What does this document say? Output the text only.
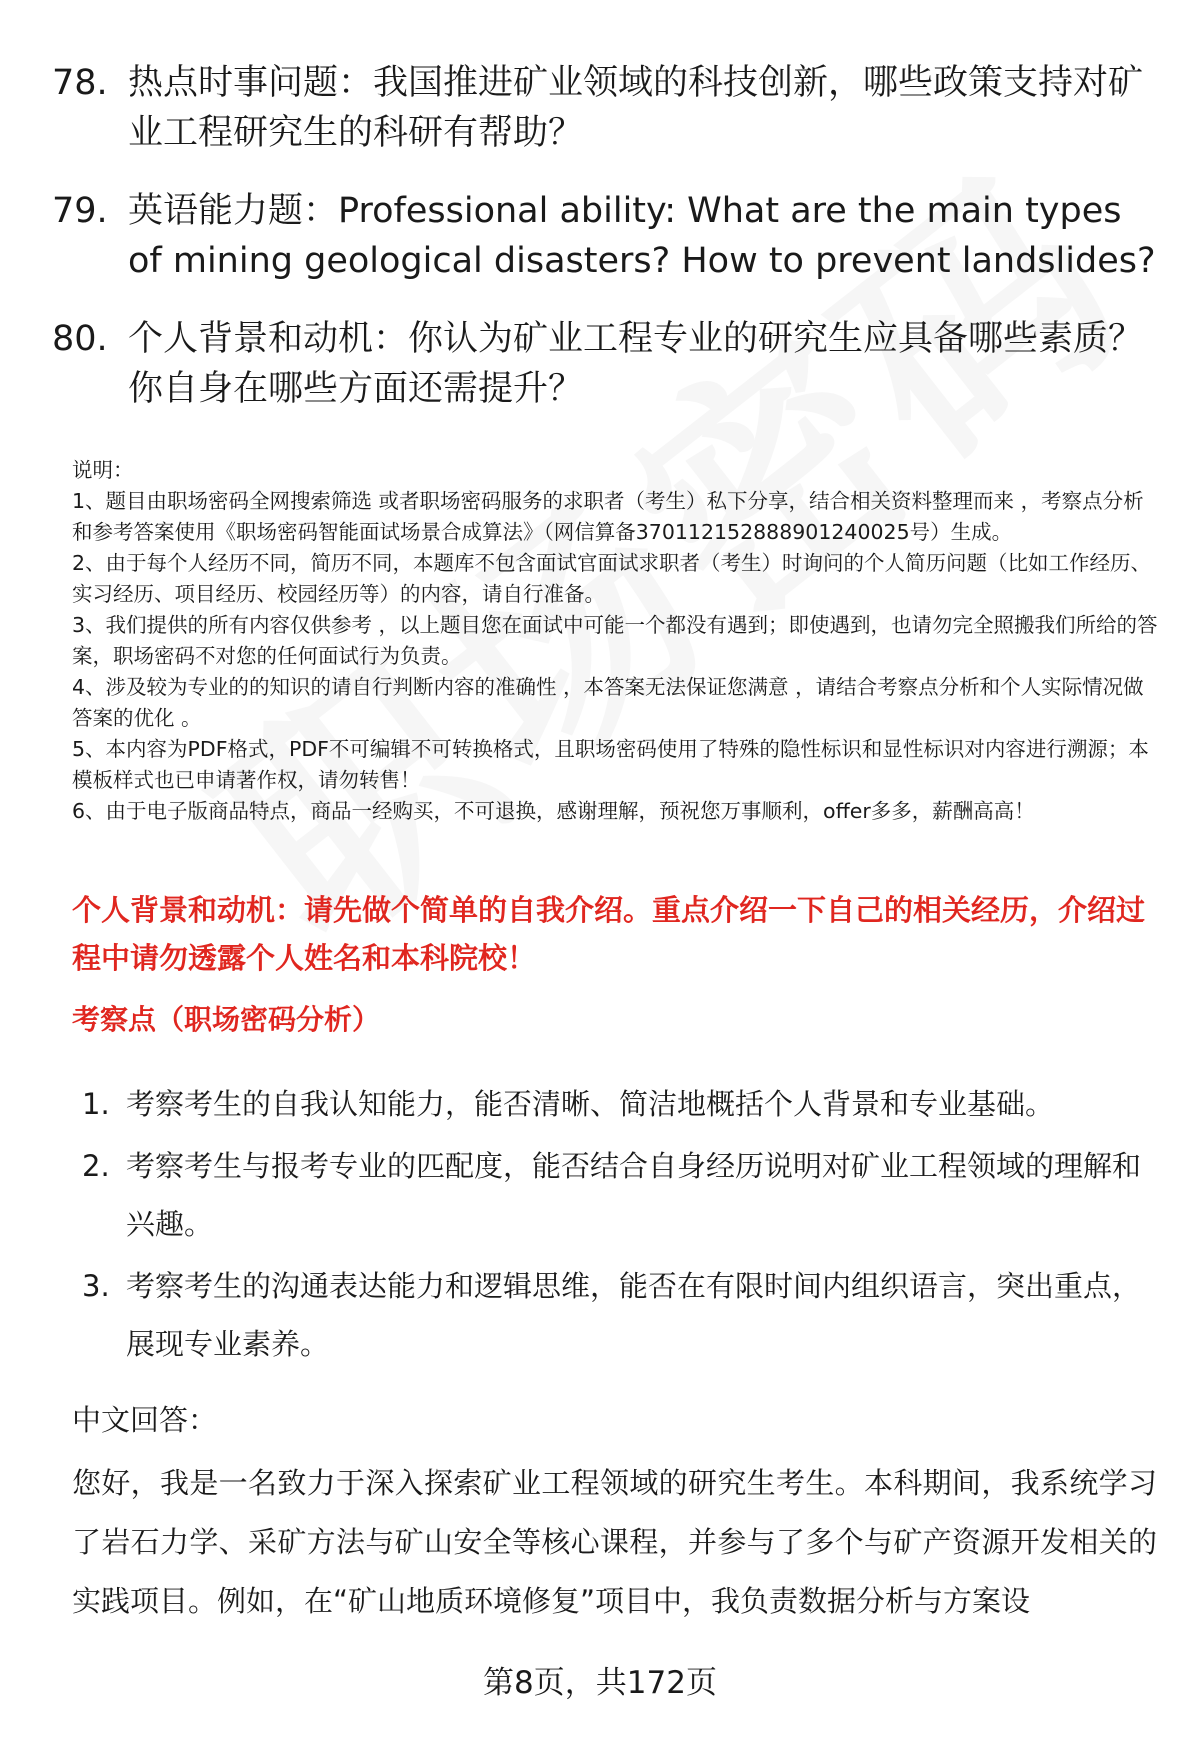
78. 热点时事问题：我国推进矿业领域的科技创新，哪些政策支持对矿业工程研究生的科研有帮助？
79. 英语能力题：Professional ability: What are the main types of mining geological disasters? How to prevent landslides?
80. 个人背景和动机：你认为矿业工程专业的研究生应具备哪些素质？你自身在哪些方面还需提升？
说明：
1、题目由职场密码全网搜索筛选 或者职场密码服务的求职者（考生）私下分享，结合相关资料整理而来 ，考察点分析和参考答案使用《职场密码智能面试场景合成算法》（网信算备370112152888901240025号）生成。
2、由于每个人经历不同，简历不同，本题库不包含面试官面试求职者（考生）时询问的个人简历问题（比如工作经历、实习经历、项目经历、校园经历等）的内容，请自行准备。
3、我们提供的所有内容仅供参考 ，以上题目您在面试中可能一个都没有遇到；即使遇到，也请勿完全照搬我们所给的答案，职场密码不对您的任何面试行为负责。
4、涉及较为专业的的知识的请自行判断内容的准确性 ，本答案无法保证您满意 ，请结合考察点分析和个人实际情况做答案的优化 。
5、本内容为PDF格式，PDF不可编辑不可转换格式，且职场密码使用了特殊的隐性标识和显性标识对内容进行溯源；本模板样式也已申请著作权，请勿转售！
6、由于电子版商品特点，商品一经购买，不可退换，感谢理解，预祝您万事顺利，offer多多，薪酬高高！
个人背景和动机：请先做个简单的自我介绍。重点介绍一下自己的相关经历，介绍过程中请勿透露个人姓名和本科院校！
考察点（职场密码分析）
1. 考察考生的自我认知能力，能否清晰、简洁地概括个人背景和专业基础。
2. 考察考生与报考专业的匹配度，能否结合自身经历说明对矿业工程领域的理解和兴趣。
3. 考察考生的沟通表达能力和逻辑思维，能否在有限时间内组织语言，突出重点，展现专业素养。
中文回答：
您好，我是一名致力于深入探索矿业工程领域的研究生考生。本科期间，我系统学习了岩石力学、采矿方法与矿山安全等核心课程，并参与了多个与矿产资源开发相关的实践项目。例如，在“矿山地质环境修复”项目中，我负责数据分析与方案设
第8页，共172页
